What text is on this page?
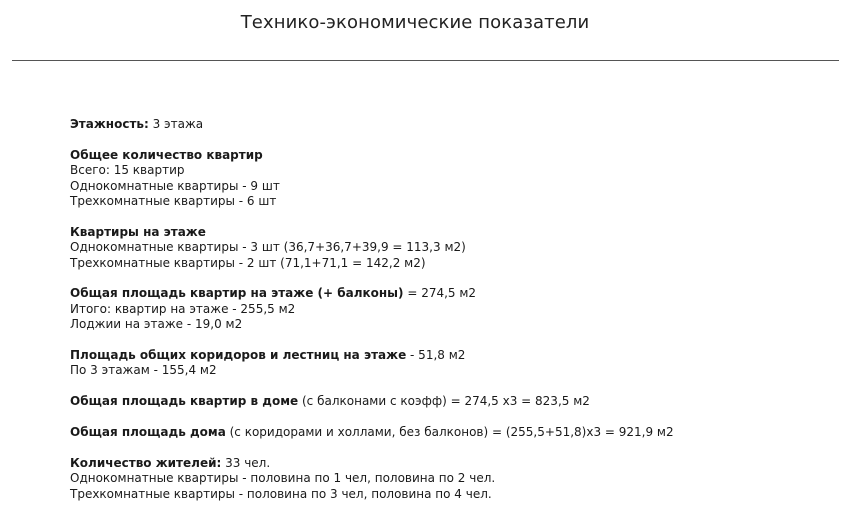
Технико-экономические показатели
Этажность: 3 этажа
Общее количество квартир
Всего: 15 квартир
Однокомнатные квартиры - 9 шт
Трехкомнатные квартиры - 6 шт
Квартиры на этаже
Однокомнатные квартиры - 3 шт (36,7+36,7+39,9 = 113,3 м2)
Трехкомнатные квартиры - 2 шт (71,1+71,1 = 142,2 м2)
Общая площадь квартир на этаже (+ балконы) = 274,5 м2
Итого: квартир на этаже - 255,5 м2
Лоджии на этаже - 19,0 м2
Площадь общих коридоров и лестниц на этаже - 51,8 м2
По 3 этажам - 155,4 м2
Общая площадь квартир в доме (с балконами с коэфф) = 274,5 х3 = 823,5 м2
Общая площадь дома (с коридорами и холлами, без балконов) = (255,5+51,8)х3 = 921,9 м2
Количество жителей: 33 чел.
Однокомнатные квартиры - половина по 1 чел, половина по 2 чел.
Трехкомнатные квартиры - половина по 3 чел, половина по 4 чел.
